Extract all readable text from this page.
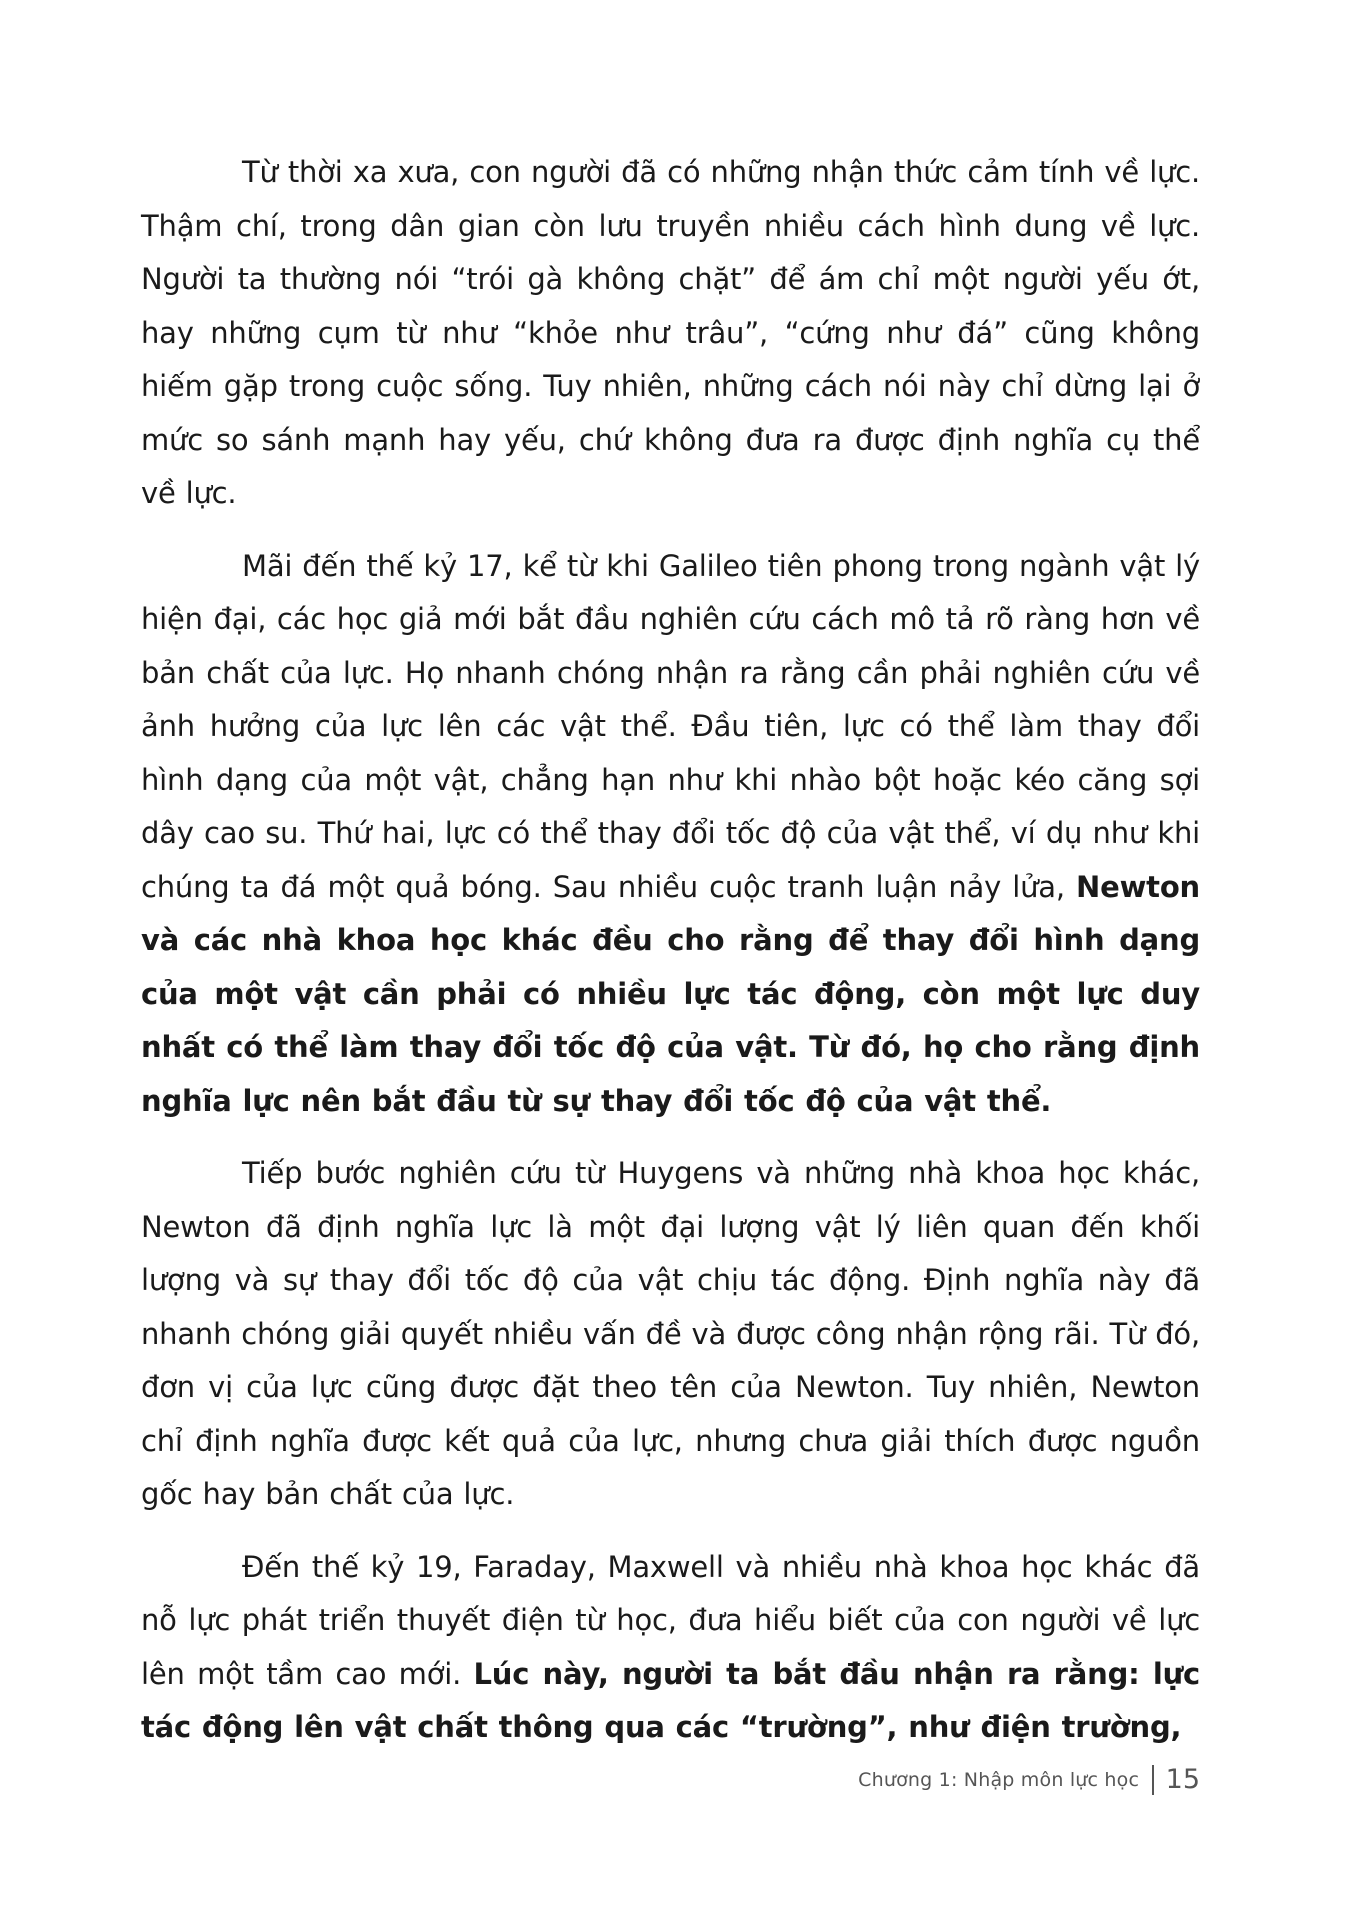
Từ thời xa xưa, con người đã có những nhận thức cảm tính về lực. Thậm chí, trong dân gian còn lưu truyền nhiều cách hình dung về lực. Người ta thường nói “trói gà không chặt” để ám chỉ một người yếu ớt, hay những cụm từ như “khỏe như trâu”, “cứng như đá” cũng không hiếm gặp trong cuộc sống. Tuy nhiên, những cách nói này chỉ dừng lại ở mức so sánh mạnh hay yếu, chứ không đưa ra được định nghĩa cụ thể về lực.

Mãi đến thế kỷ 17, kể từ khi Galileo tiên phong trong ngành vật lý hiện đại, các học giả mới bắt đầu nghiên cứu cách mô tả rõ ràng hơn về bản chất của lực. Họ nhanh chóng nhận ra rằng cần phải nghiên cứu về ảnh hưởng của lực lên các vật thể. Đầu tiên, lực có thể làm thay đổi hình dạng của một vật, chẳng hạn như khi nhào bột hoặc kéo căng sợi dây cao su. Thứ hai, lực có thể thay đổi tốc độ của vật thể, ví dụ như khi chúng ta đá một quả bóng. Sau nhiều cuộc tranh luận nảy lửa, Newton và các nhà khoa học khác đều cho rằng để thay đổi hình dạng của một vật cần phải có nhiều lực tác động, còn một lực duy nhất có thể làm thay đổi tốc độ của vật. Từ đó, họ cho rằng định nghĩa lực nên bắt đầu từ sự thay đổi tốc độ của vật thể.

Tiếp bước nghiên cứu từ Huygens và những nhà khoa học khác, Newton đã định nghĩa lực là một đại lượng vật lý liên quan đến khối lượng và sự thay đổi tốc độ của vật chịu tác động. Định nghĩa này đã nhanh chóng giải quyết nhiều vấn đề và được công nhận rộng rãi. Từ đó, đơn vị của lực cũng được đặt theo tên của Newton. Tuy nhiên, Newton chỉ định nghĩa được kết quả của lực, nhưng chưa giải thích được nguồn gốc hay bản chất của lực.

Đến thế kỷ 19, Faraday, Maxwell và nhiều nhà khoa học khác đã nỗ lực phát triển thuyết điện từ học, đưa hiểu biết của con người về lực lên một tầm cao mới. Lúc này, người ta bắt đầu nhận ra rằng: lực tác động lên vật chất thông qua các “trường”, như điện trường,

Chương 1: Nhập môn lực học 15
